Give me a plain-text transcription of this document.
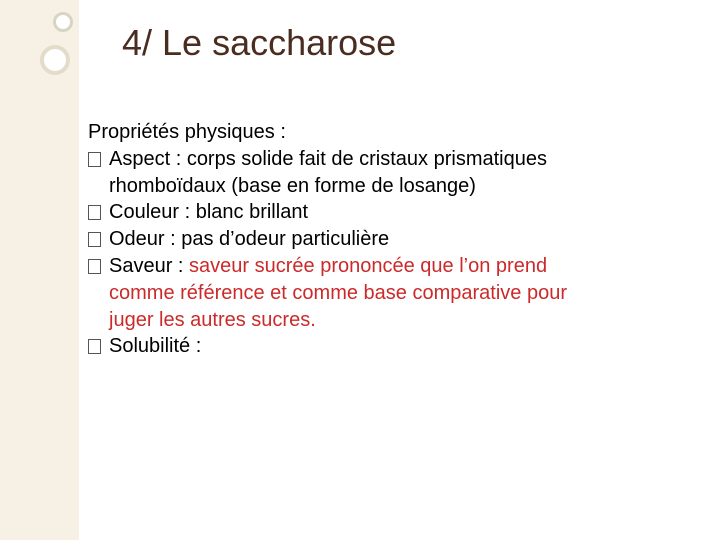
4/ Le saccharose
Propriétés physiques :
Aspect : corps solide fait de cristaux prismatiques
rhomboïdaux (base en forme de losange)
Couleur : blanc brillant
Odeur : pas d’odeur particulière
Saveur : saveur sucrée prononcée que l’on prend
comme référence et comme base comparative pour
juger les autres sucres.
Solubilité :
